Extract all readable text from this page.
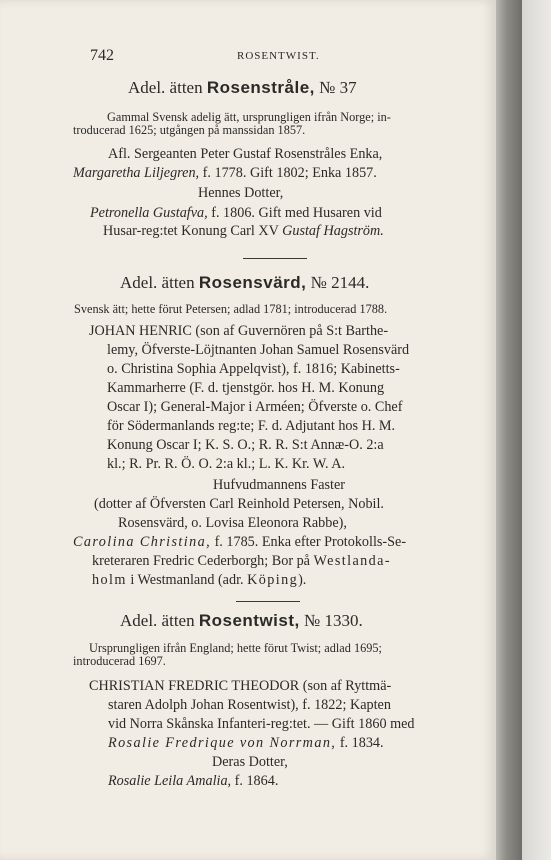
742	ROSENTWIST.
Adel. ätten Rosenstråle, № 37
Gammal Svensk adelig ätt, ursprungligen ifrån Norge; in-
troducerad 1625; utgången på manssidan 1857.
Afl. Sergeanten Peter Gustaf Rosenstråles Enka,
Margaretha Liljegren, f. 1778. Gift 1802; Enka 1857.
Hennes Dotter,
Petronella Gustafva, f. 1806. Gift med Husaren vid
Husar-reg:tet Konung Carl XV Gustaf Hagström.
Adel. ätten Rosensvärd, № 2144.
Svensk ätt; hette förut Petersen; adlad 1781; introducerad 1788.
JOHAN HENRIC (son af Guvernören på S:t Barthe-
lemy, Öfverste-Löjtnanten Johan Samuel Rosensvärd
o. Christina Sophia Appelqvist), f. 1816; Kabinetts-
Kammarherre (F. d. tjenstgör. hos H. M. Konung
Oscar I); General-Major i Arméen; Öfverste o. Chef
för Södermanlands reg:te; F. d. Adjutant hos H. M.
Konung Oscar I; K. S. O.; R. R. S:t Annæ-O. 2:a
kl.; R. Pr. R. Ö. O. 2:a kl.; L. K. Kr. W. A.
Hufvudmannens Faster
(dotter af Öfversten Carl Reinhold Petersen, Nobil.
Rosensvärd, o. Lovisa Eleonora Rabbe),
Carolina Christina, f. 1785. Enka efter Protokolls-Se-
kreteraren Fredric Cederborgh; Bor på Westlanda-
holm i Westmanland (adr. Köping).
Adel. ätten Rosentwist, № 1330.
Ursprungligen ifrån England; hette förut Twist; adlad 1695;
introducerad 1697.
CHRISTIAN FREDRIC THEODOR (son af Ryttmä-
staren Adolph Johan Rosentwist), f. 1822; Kapten
vid Norra Skånska Infanteri-reg:tet. — Gift 1860 med
Rosalie Fredrique von Norrman, f. 1834.
Deras Dotter,
Rosalie Leila Amalia, f. 1864.
